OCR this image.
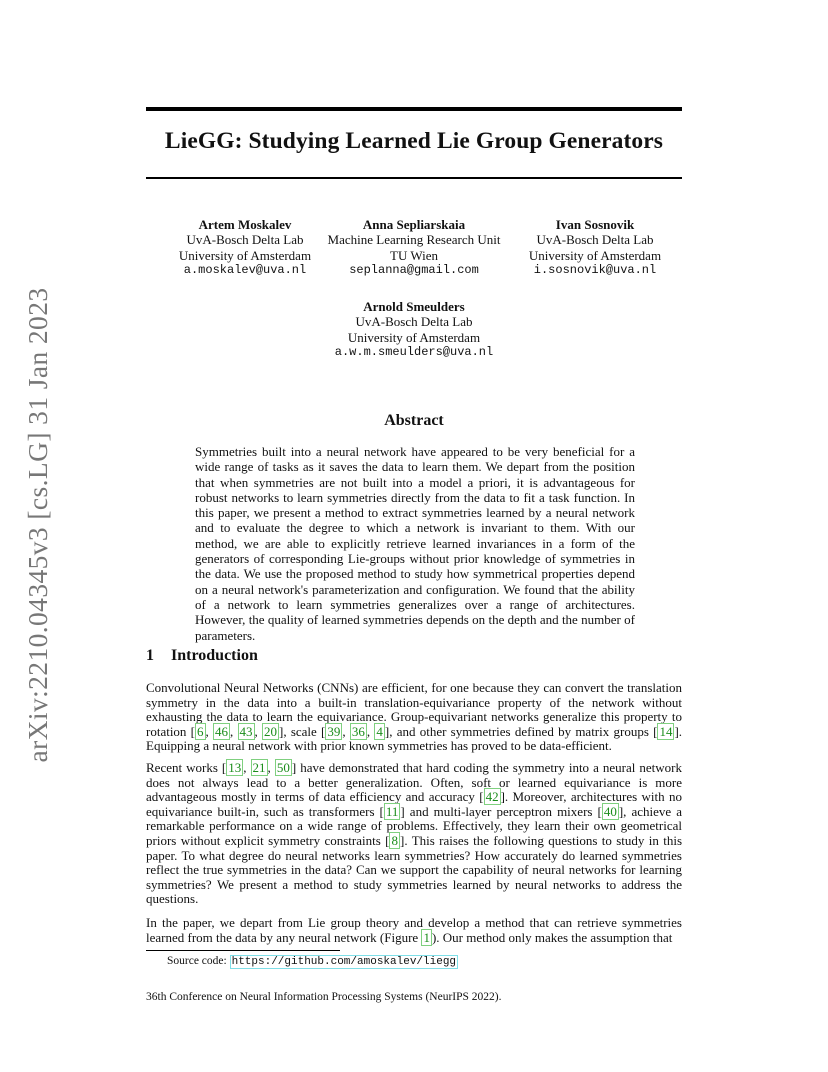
arXiv:2210.04345v3 [cs.LG] 31 Jan 2023
LieGG: Studying Learned Lie Group Generators
Artem Moskalev
UvA-Bosch Delta Lab
University of Amsterdam
a.moskalev@uva.nl
Anna Sepliarskaia
Machine Learning Research Unit
TU Wien
seplanna@gmail.com
Ivan Sosnovik
UvA-Bosch Delta Lab
University of Amsterdam
i.sosnovik@uva.nl
Arnold Smeulders
UvA-Bosch Delta Lab
University of Amsterdam
a.w.m.smeulders@uva.nl
Abstract
Symmetries built into a neural network have appeared to be very beneficial for a wide range of tasks as it saves the data to learn them. We depart from the position that when symmetries are not built into a model a priori, it is advantageous for robust networks to learn symmetries directly from the data to fit a task function. In this paper, we present a method to extract symmetries learned by a neural network and to evaluate the degree to which a network is invariant to them. With our method, we are able to explicitly retrieve learned invariances in a form of the generators of corresponding Lie-groups without prior knowledge of symmetries in the data. We use the proposed method to study how symmetrical properties depend on a neural network's parameterization and configuration. We found that the ability of a network to learn symmetries generalizes over a range of architectures. However, the quality of learned symmetries depends on the depth and the number of parameters.
1 Introduction

Convolutional Neural Networks (CNNs) are efficient, for one because they can convert the translation symmetry in the data into a built-in translation-equivariance property of the network without exhausting the data to learn the equivariance. Group-equivariant networks generalize this property to rotation [ 6 , 46 , 43 , 20 ], scale [ 39 , 36 , 4 ], and other symmetries defined by matrix groups [ 14 ]. Equipping a neural network with prior known symmetries has proved to be data-efficient.

Recent works [ 13 , 21 , 50 ] have demonstrated that hard coding the symmetry into a neural network does not always lead to a better generalization. Often, soft or learned equivariance is more advantageous mostly in terms of data efficiency and accuracy [ 42 ]. Moreover, architectures with no equivariance built-in, such as transformers [ 11 ] and multi-layer perceptron mixers [ 40 ], achieve a remarkable performance on a wide range of problems. Effectively, they learn their own geometrical priors without explicit symmetry constraints [ 8 ]. This raises the following questions to study in this paper. To what degree do neural networks learn symmetries? How accurately do learned symmetries reflect the true symmetries in the data? Can we support the capability of neural networks for learning symmetries? We present a method to study symmetries learned by neural networks to address the questions.

In the paper, we depart from Lie group theory and develop a method that can retrieve symmetries learned from the data by any neural network (Figure 1 ). Our method only makes the assumption that

Source code: https://github.com/amoskalev/liegg
36th Conference on Neural Information Processing Systems (NeurIPS 2022).
